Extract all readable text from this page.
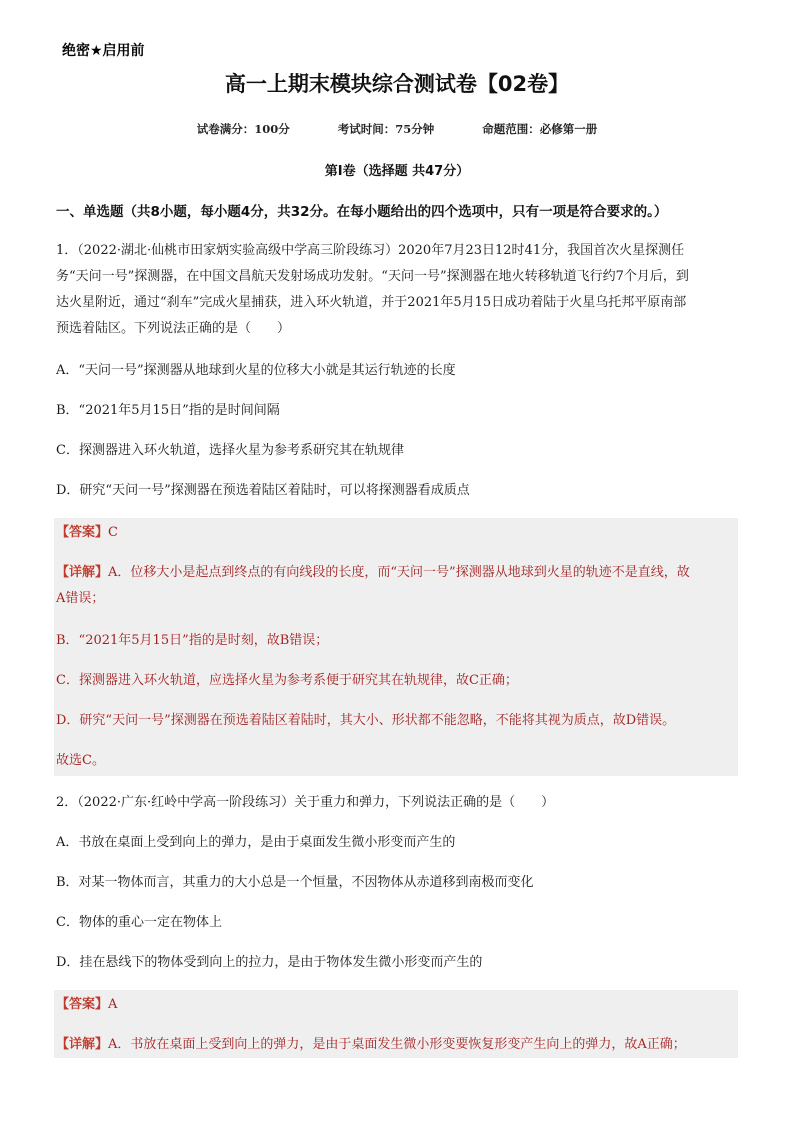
绝密★启用前
高一上期末模块综合测试卷【02卷】
试卷满分：100分	考试时间：75分钟	命题范围：必修第一册
第Ⅰ卷（选择题 共47分）
一、单选题（共8小题，每小题4分，共32分。在每小题给出的四个选项中，只有一项是符合要求的。）
1．（2022·湖北·仙桃市田家炳实验高级中学高三阶段练习）2020年7月23日12时41分，我国首次火星探测任
务“天问一号”探测器，在中国文昌航天发射场成功发射。“天问一号”探测器在地火转移轨道飞行约7个月后，到
达火星附近，通过“刹车”完成火星捕获，进入环火轨道，并于2021年5月15日成功着陆于火星乌托邦平原南部
预选着陆区。下列说法正确的是（　　）
A．“天问一号”探测器从地球到火星的位移大小就是其运行轨迹的长度
B．“2021年5月15日”指的是时间间隔
C．探测器进入环火轨道，选择火星为参考系研究其在轨规律
D．研究“天问一号”探测器在预选着陆区着陆时，可以将探测器看成质点
【答案】C
【详解】A．位移大小是起点到终点的有向线段的长度，而“天问一号”探测器从地球到火星的轨迹不是直线，故
A错误；
B．“2021年5月15日”指的是时刻，故B错误；
C．探测器进入环火轨道，应选择火星为参考系便于研究其在轨规律，故C正确；
D．研究“天问一号”探测器在预选着陆区着陆时，其大小、形状都不能忽略，不能将其视为质点，故D错误。
故选C。
2．（2022·广东·红岭中学高一阶段练习）关于重力和弹力，下列说法正确的是（　　）
A．书放在桌面上受到向上的弹力，是由于桌面发生微小形变而产生的
B．对某一物体而言，其重力的大小总是一个恒量，不因物体从赤道移到南极而变化
C．物体的重心一定在物体上
D．挂在悬线下的物体受到向上的拉力，是由于物体发生微小形变而产生的
【答案】A
【详解】A．书放在桌面上受到向上的弹力，是由于桌面发生微小形变要恢复形变产生向上的弹力，故A正确；
